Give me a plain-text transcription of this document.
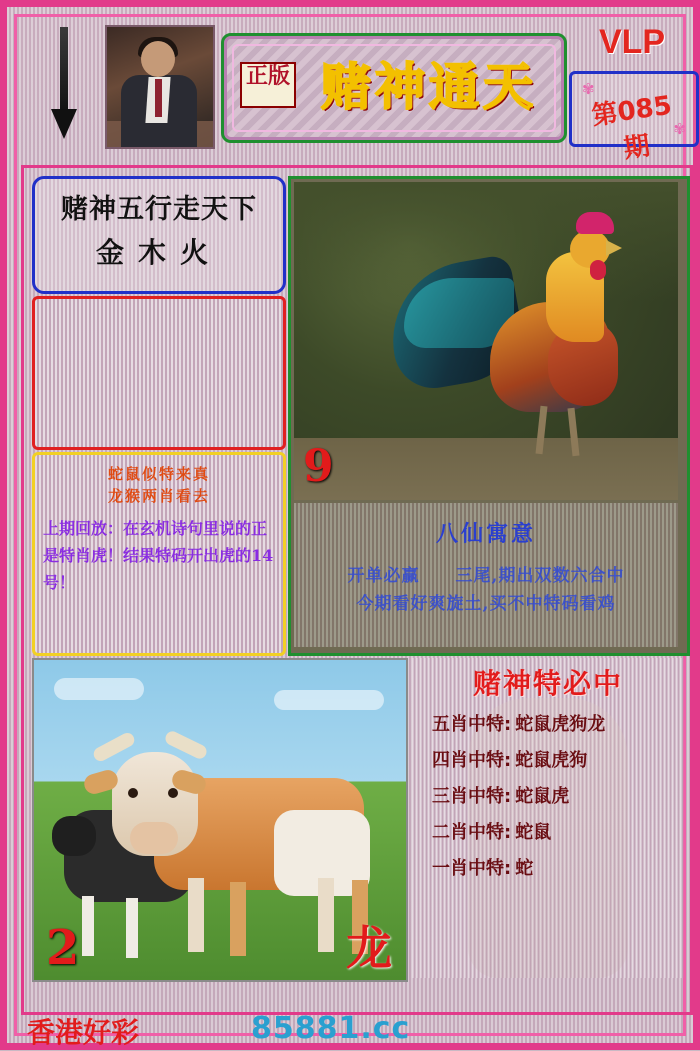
正版 赌神通天
VLP
✾
✾
第085期
赌神五行走天下
金木火
蛇鼠似特来真
龙猴两肖看去
上期回放：在玄机诗句里说的正是特肖虎！结果特码开出虎的14号！
9
八仙寓意
开单必赢　　三尾,期出双数六合中
今期看好爽旋土,买不中特码看鸡
2	龙
赌神特必中
五肖中特: 蛇鼠虎狗龙
四肖中特: 蛇鼠虎狗
三肖中特: 蛇鼠虎
二肖中特: 蛇鼠
一肖中特: 蛇
香港好彩	85881.cc
